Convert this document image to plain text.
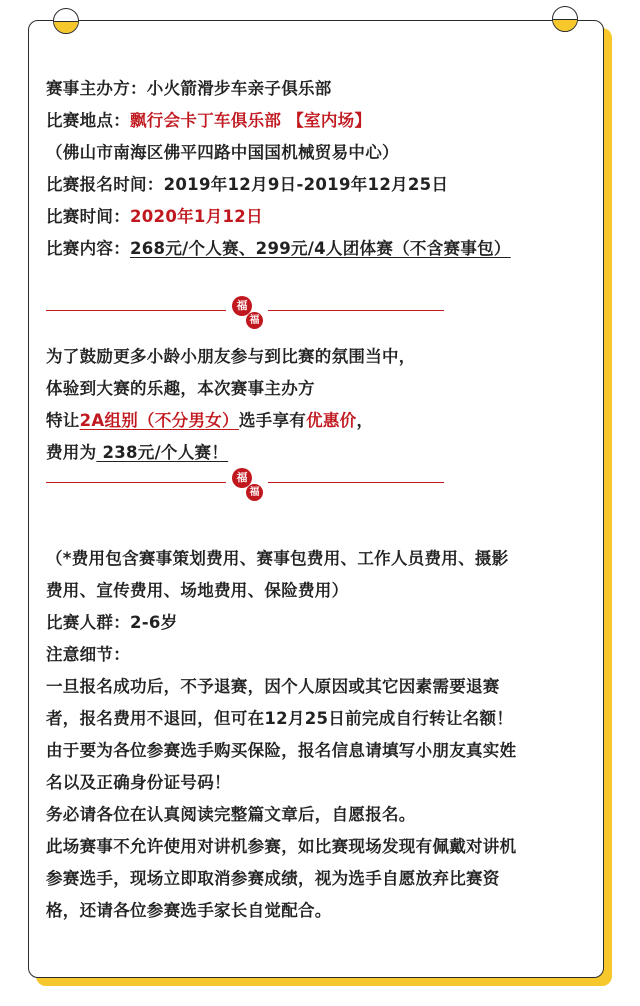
赛事主办方：小火箭滑步车亲子俱乐部
比赛地点：飘行会卡丁车俱乐部 【室内场】
（佛山市南海区佛平四路中国国机械贸易中心）
比赛报名时间：2019年12月9日-2019年12月25日
比赛时间：2020年1月12日
比赛内容：268元/个人赛、299元/4人团体赛（不含赛事包）
福
福
为了鼓励更多小龄小朋友参与到比赛的氛围当中，
体验到大赛的乐趣，本次赛事主办方
特让2A组别（不分男女）选手享有优惠价，
费用为 238元/个人赛！
福
福
（*费用包含赛事策划费用、赛事包费用、工作人员费用、摄影
费用、宣传费用、场地费用、保险费用）
比赛人群：2-6岁
注意细节：
一旦报名成功后，不予退赛，因个人原因或其它因素需要退赛
者，报名费用不退回，但可在12月25日前完成自行转让名额！
由于要为各位参赛选手购买保险，报名信息请填写小朋友真实姓
名以及正确身份证号码！
务必请各位在认真阅读完整篇文章后，自愿报名。
此场赛事不允许使用对讲机参赛，如比赛现场发现有佩戴对讲机
参赛选手，现场立即取消参赛成绩，视为选手自愿放弃比赛资
格，还请各位参赛选手家长自觉配合。
